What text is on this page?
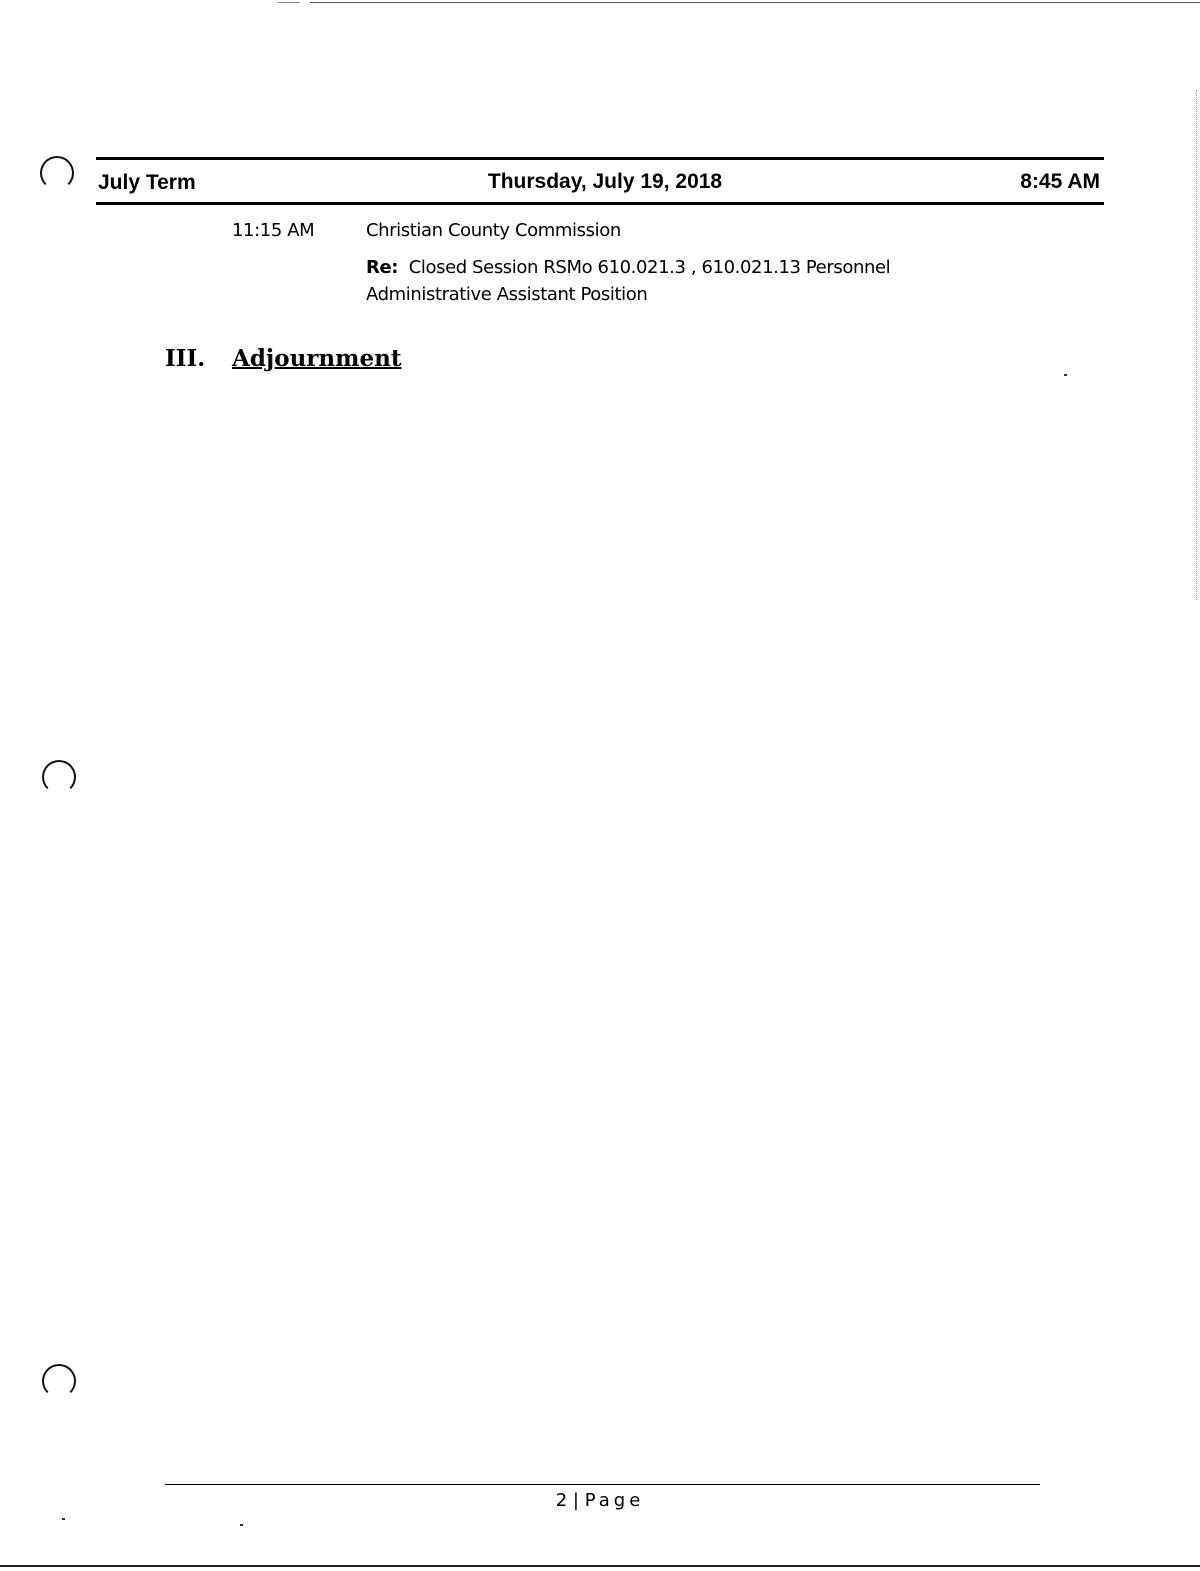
July Term	Thursday, July 19, 2018	8:45 AM
11:15 AM	Christian County Commission
Re: Closed Session RSMo 610.021.3 , 610.021.13 Personnel
Administrative Assistant Position
III. Adjournment
2 | Page
